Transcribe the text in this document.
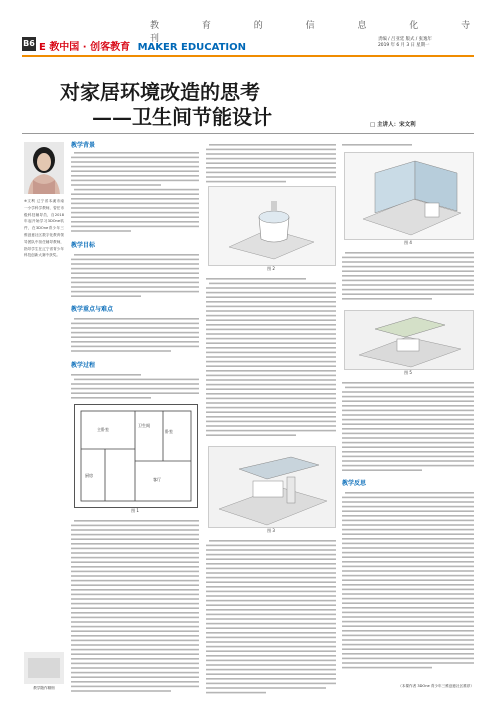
教 育 的 信 息 化 寺 刊
B6 E 教中国 · 创客教育 MAKER EDUCATION
责编 / 吕亚廷 版式 / 张逸年
2019 年 6 月 3 日 星期一
对家居环境改造的思考
——卫生间节能设计	□ 主讲人：宋文利
※文利 辽宁省本溪市南一小学科学教师，曾任市级科技辅导员，自2018年起开始学习3DOne软件，在3DOne青少年三维创意社区数字化教育领导团队中担任辅导教师，指导学生在辽宁省青少年科技创新大赛中获奖。
教学随作精细
教学背景
教学目标
教学重点与难点
教学过程
卫生间
卧室
客厅
厨房
主卧室
图 1
图 2
图 3
图 4
图 5
教学反思
（本课作者 3DOne 青少年三维创意社区推荐）
